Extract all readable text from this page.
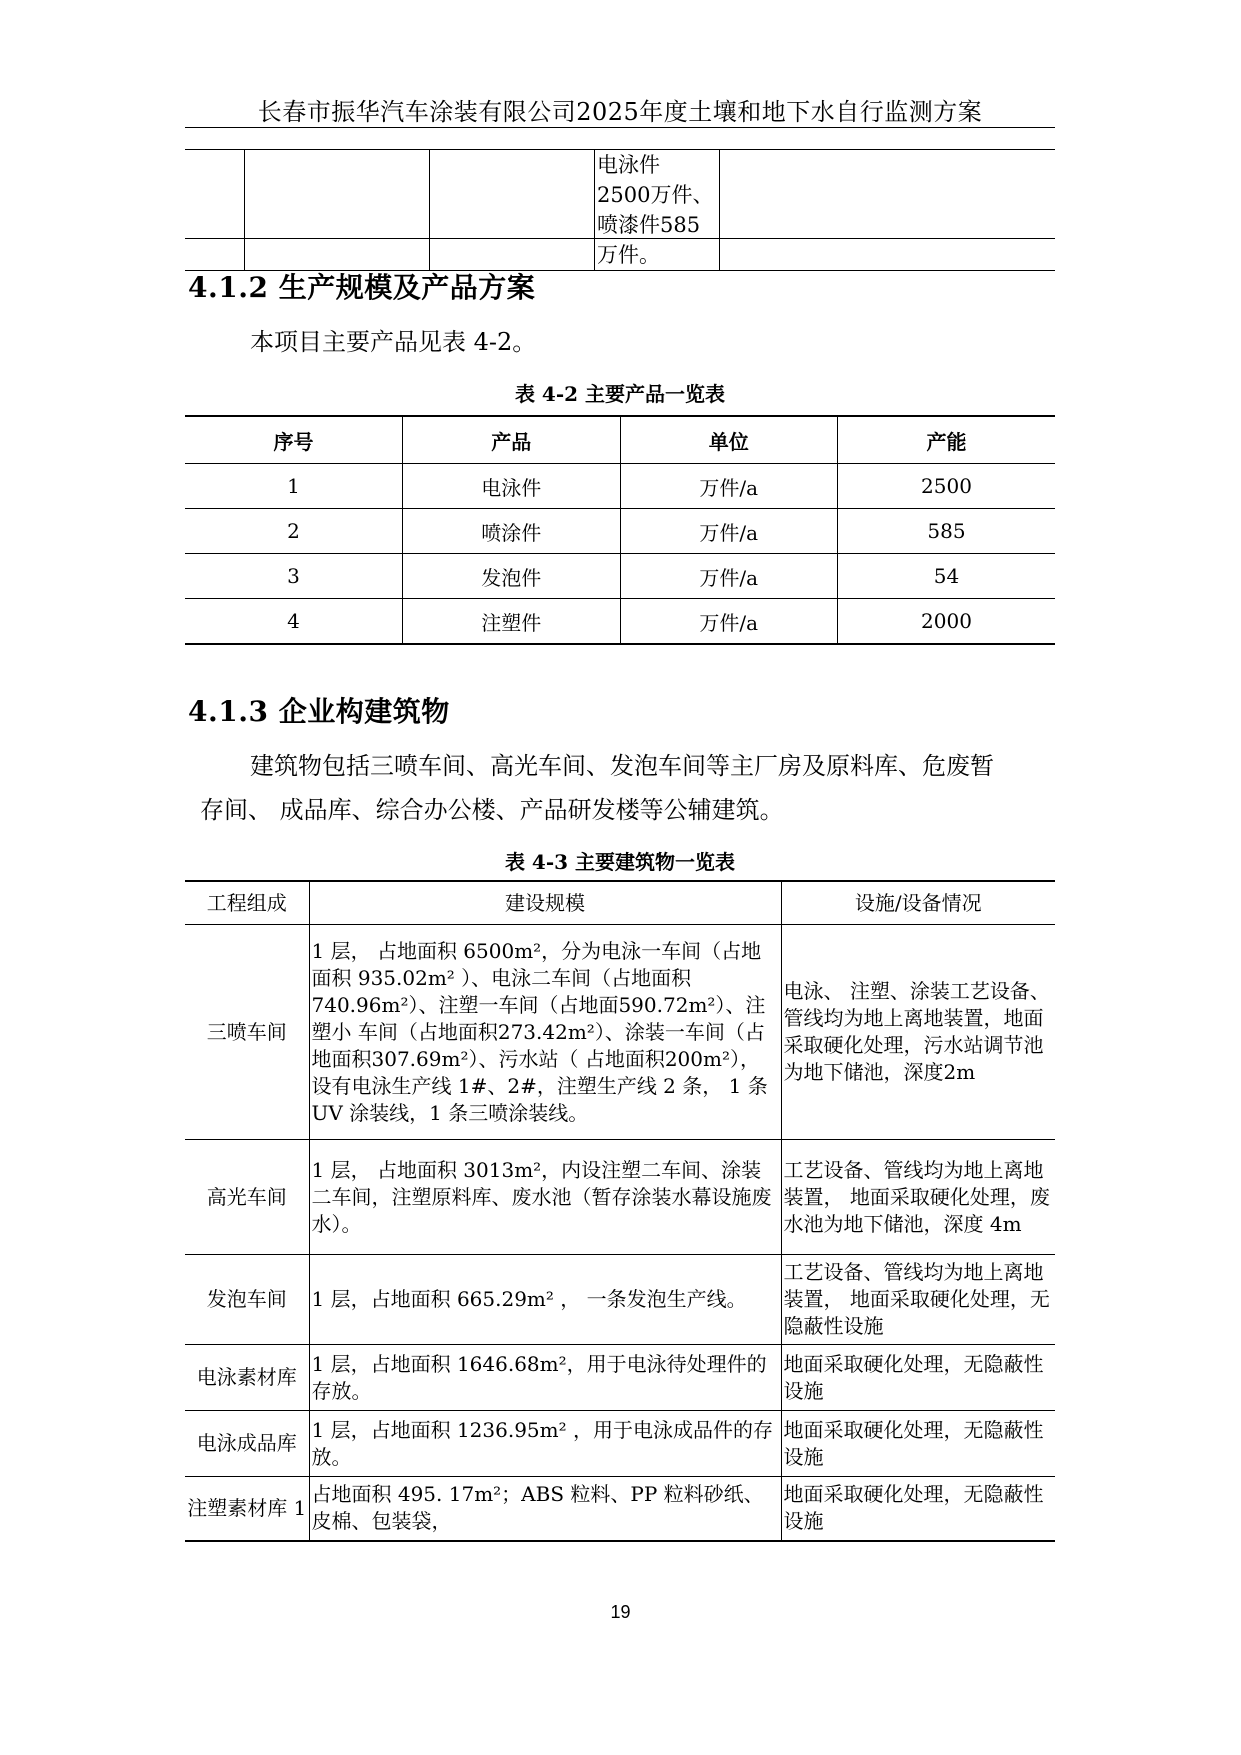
长春市振华汽车涂装有限公司2025年度土壤和地下水自行监测方案
			电泳件 2500万件、喷漆件585万件。	
4.1.2 生产规模及产品方案

本项目主要产品见表 4-2。

表 4-2 主要产品一览表
序号	产品	单位	产能
1	电泳件	万件/a	2500
2	喷涂件	万件/a	585
3	发泡件	万件/a	54
4	注塑件	万件/a	2000
4.1.3 企业构建筑物

建筑物包括三喷车间、高光车间、发泡车间等主厂房及原料库、危废暂

存间、 成品库、综合办公楼、产品研发楼等公辅建筑。

表 4-3 主要建筑物一览表
工程组成	建设规模	设施/设备情况
三喷车间	1 层， 占地面积 6500m²，分为电泳一车间（占地面积 935.02m² ）、电泳二车间（占地面积740.96m²）、注塑一车间（占地面590.72m²）、注塑小 车间（占地面积273.42m²）、涂装一车间（占地面积307.69m²）、污水站（ 占地面积200m²），设有电泳生产线 1#、2#，注塑生产线 2 条， 1 条 UV 涂装线，1 条三喷涂装线。	电泳、 注塑、涂装工艺设备、管线均为地上离地装置，地面采取硬化处理，污水站调节池为地下储池，深度2m
高光车间	1 层， 占地面积 3013m²，内设注塑二车间、涂装二车间，注塑原料库、废水池（暂存涂装水幕设施废水）。	工艺设备、管线均为地上离地装置， 地面采取硬化处理，废水池为地下储池，深度 4m
发泡车间	1 层，占地面积 665.29m² ， 一条发泡生产线。	工艺设备、管线均为地上离地装置， 地面采取硬化处理，无隐蔽性设施
电泳素材库	1 层，占地面积 1646.68m²，用于电泳待处理件的存放。	地面采取硬化处理，无隐蔽性设施
电泳成品库	1 层，占地面积 1236.95m² ，用于电泳成品件的存放。	地面采取硬化处理，无隐蔽性设施
注塑素材库 1	占地面积 495. 17m²；ABS 粒料、PP 粒料砂纸、皮棉、包装袋，	地面采取硬化处理，无隐蔽性设施
19
